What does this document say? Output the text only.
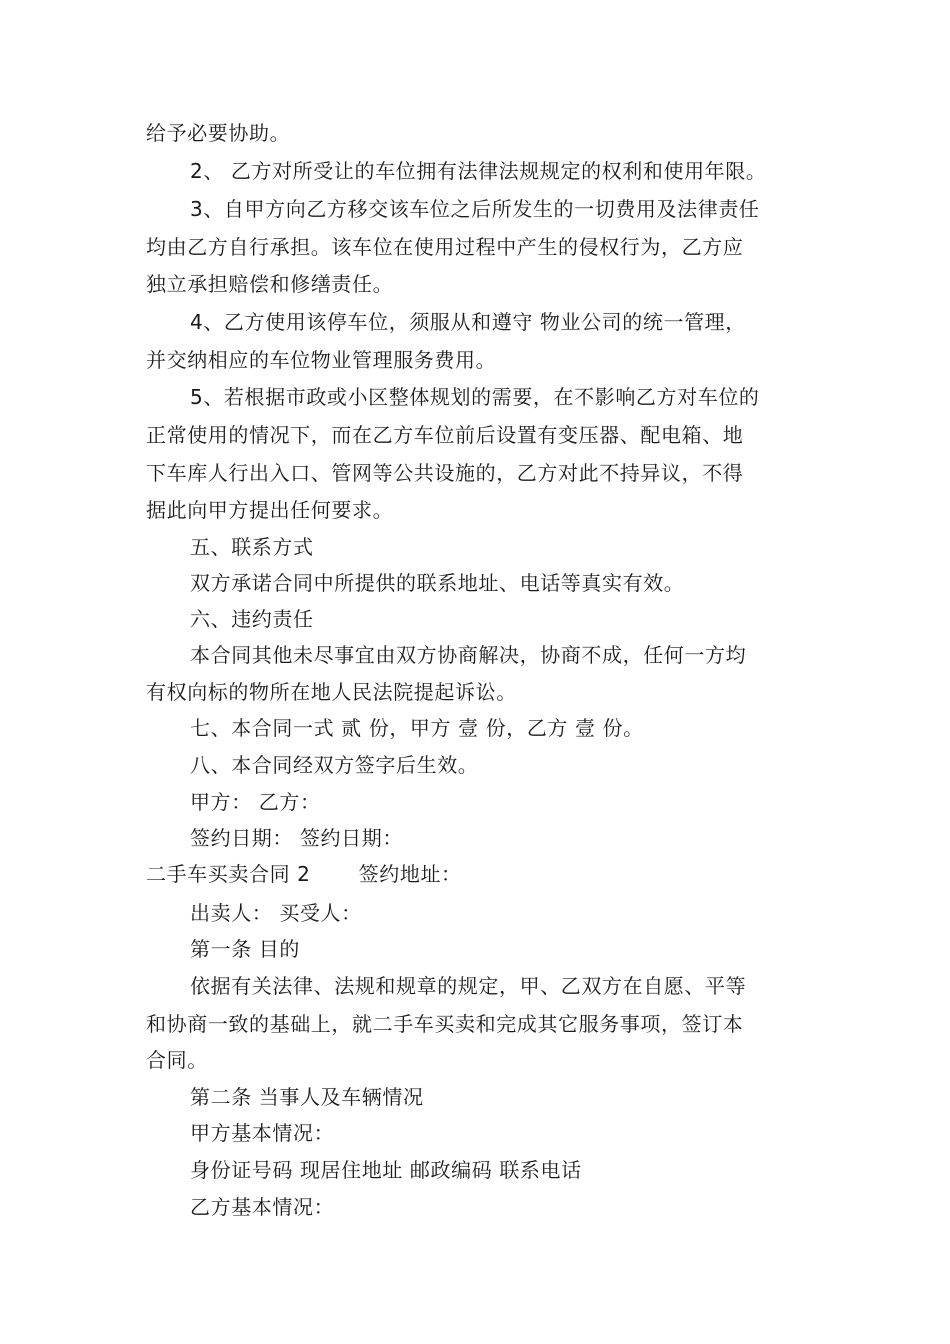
给予必要协助。
2、 乙方对所受让的车位拥有法律法规规定的权利和使用年限。
3、自甲方向乙方移交该车位之后所发生的一切费用及法律责任
均由乙方自行承担。该车位在使用过程中产生的侵权行为，乙方应
独立承担赔偿和修缮责任。
4、乙方使用该停车位，须服从和遵守 物业公司的统一管理，
并交纳相应的车位物业管理服务费用。
5、若根据市政或小区整体规划的需要，在不影响乙方对车位的
正常使用的情况下，而在乙方车位前后设置有变压器、配电箱、地
下车库人行出入口、管网等公共设施的，乙方对此不持异议，不得
据此向甲方提出任何要求。
五、联系方式
双方承诺合同中所提供的联系地址、电话等真实有效。
六、违约责任
本合同其他未尽事宜由双方协商解决，协商不成，任何一方均
有权向标的物所在地人民法院提起诉讼。
七、本合同一式 贰 份，甲方 壹 份，乙方 壹 份。
八、本合同经双方签字后生效。
甲方： 乙方：
签约日期： 签约日期：
二手车买卖合同 2　　 签约地址：
出卖人： 买受人：
第一条 目的
依据有关法律、法规和规章的规定，甲、乙双方在自愿、平等
和协商一致的基础上，就二手车买卖和完成其它服务事项，签订本
合同。
第二条 当事人及车辆情况
甲方基本情况：
身份证号码 现居住地址 邮政编码 联系电话
乙方基本情况：
